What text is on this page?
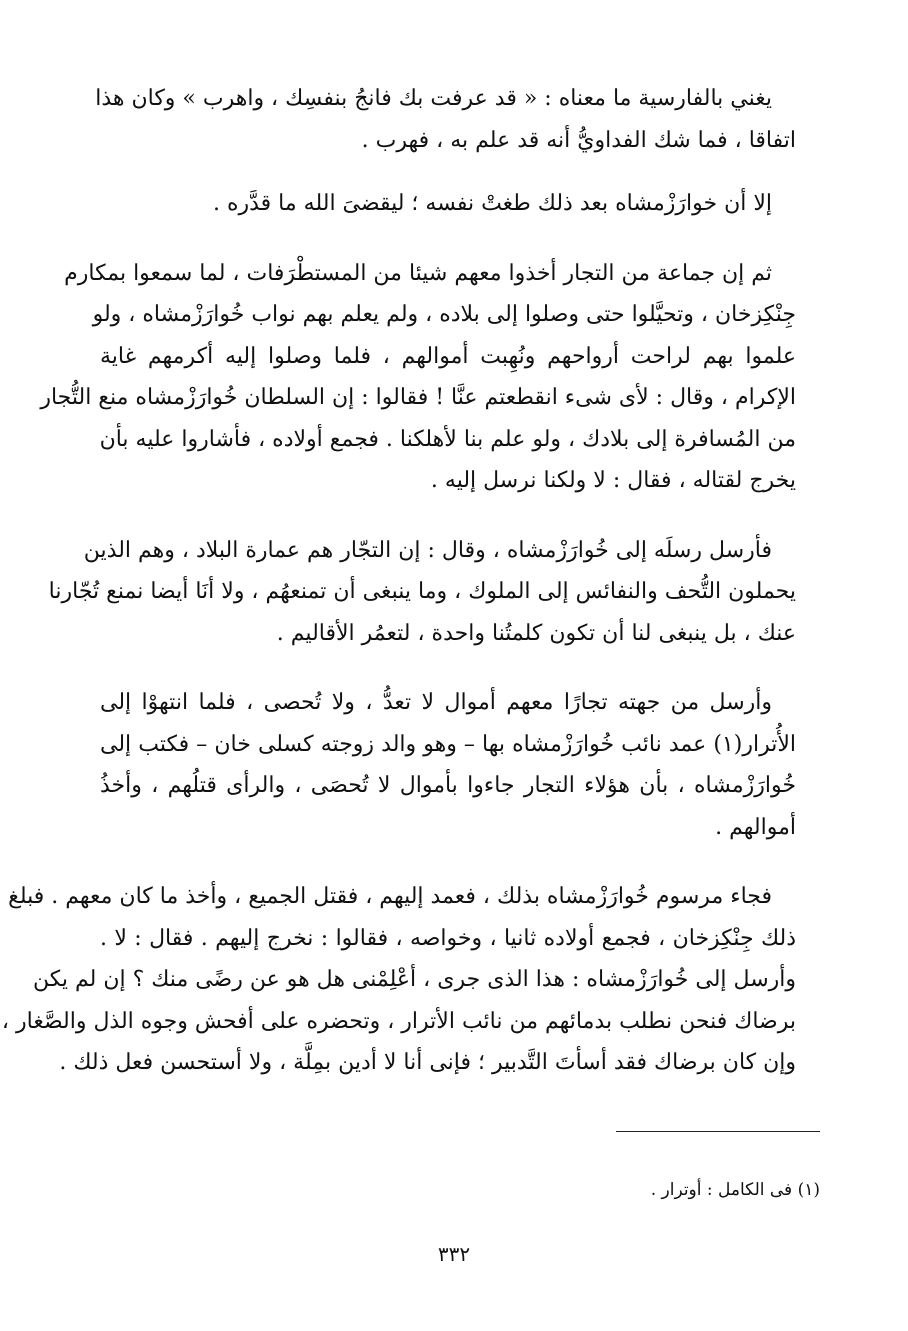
يغني بالفارسية ما معناه : « قد عرفت بك فانجُ بنفسِك ، واهرب » وكان هذا
اتفاقا ، فما شك الفداويُّ أنه قد علم به ، فهرب .
إلا أن خوارَزْمشاه بعد ذلك طغتْ نفسه ؛ ليقضىَ الله ما قدَّره .
ثم إن جماعة من التجار أخذوا معهم شيئا من المستطْرَفات ، لما سمعوا بمكارم
جِنْكِزخان ، وتحيَّلوا حتى وصلوا إلى بلاده ، ولم يعلم بهم نواب خُوارَزْمشاه ، ولو
علموا بهم لراحت أرواحهم ونُهِبت أموالهم ، فلما وصلوا إليه أكرمهم غاية
الإكرام ، وقال : لأى شىء انقطعتم عنَّا ! فقالوا : إن السلطان خُوارَزْمشاه منع التُّجار
من المُسافرة إلى بلادك ، ولو علم بنا لأهلكنا . فجمع أولاده ، فأشاروا عليه بأن
يخرج لقتاله ، فقال : لا ولكنا نرسل إليه .
فأرسل رسلَه إلى خُوارَزْمشاه ، وقال : إن التجّار هم عمارة البلاد ، وهم الذين
يحملون التُّحف والنفائس إلى الملوك ، وما ينبغى أن تمنعهُم ، ولا أنَا أيضا نمنع تُجّارنا
عنك ، بل ينبغى لنا أن تكون كلمتُنا واحدة ، لتعمُر الأقاليم .
وأرسل من جهته تجارًا معهم أموال لا تعدُّ ، ولا تُحصى ، فلما انتهوْا إلى
الأُترار(١) عمد نائب خُوارَزْمشاه بها – وهو والد زوجته كسلى خان – فكتب إلى
خُوارَزْمشاه ، بأن هؤلاء التجار جاءوا بأموال لا تُحصَى ، والرأى قتلُهم ، وأخذُ
أموالهم .
فجاء مرسوم خُوارَزْمشاه بذلك ، فعمد إليهم ، فقتل الجميع ، وأخذ ما كان معهم . فبلغ
ذلك جِنْكِزخان ، فجمع أولاده ثانيا ، وخواصه ، فقالوا : نخرج إليهم . فقال : لا .
وأرسل إلى خُوارَزْمشاه : هذا الذى جرى ، أعْلِمْنى هل هو عن رضًى منك ؟ إن لم يكن
برضاك فنحن نطلب بدمائهم من نائب الأترار ، وتحضره على أفحش وجوه الذل والصَّغار ،
وإن كان برضاك فقد أسأتَ التَّدبير ؛ فإنى أنا لا أدين بمِلَّة ، ولا أستحسن فعل ذلك .
(١) فى الكامل : أوترار .
٣٣٢
